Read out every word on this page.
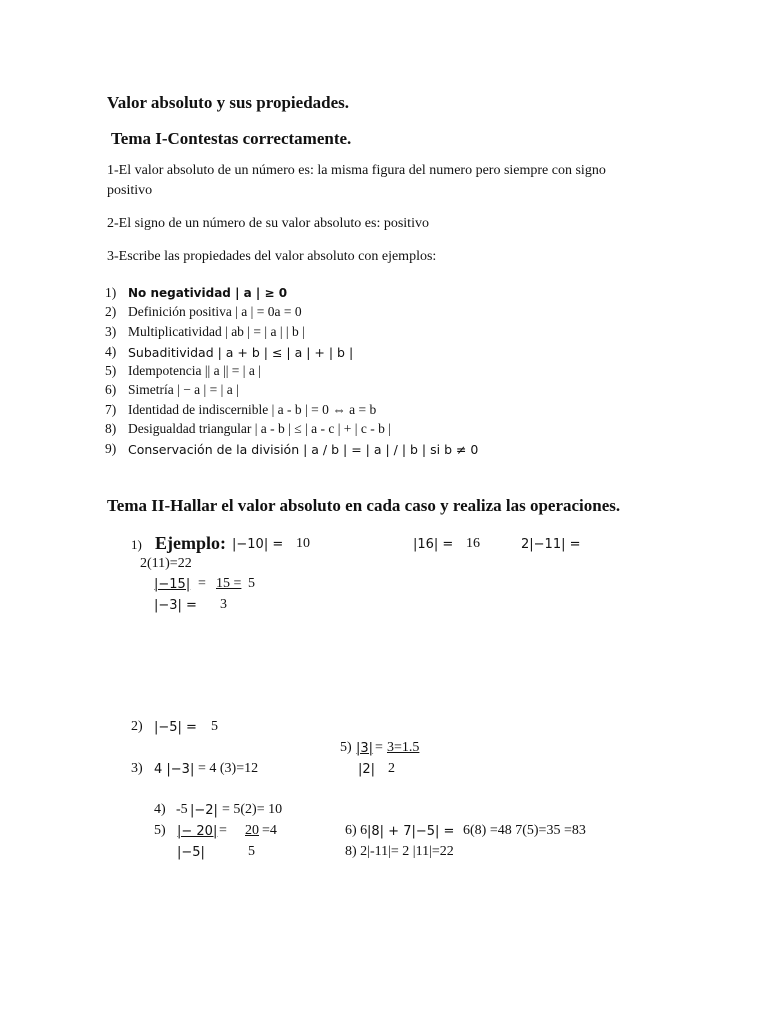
Valor absoluto y sus propiedades.
Tema I-Contestas correctamente.
1-El valor absoluto de un número es: la misma figura del numero pero siempre con signo
positivo
2-El signo de un número de su valor absoluto es: positivo
3-Escribe las propiedades del valor absoluto con ejemplos:
1) No negatividad | a | ≥ 0
2) Definición positiva | a | = 0a = 0
3) Multiplicatividad | ab | = | a | | b |
4) Subaditividad | a + b | ≤ | a | + | b |
5) Idempotencia || a || = | a |
6) Simetría | − a | = | a |
7) Identidad de indiscernible | a - b | = 0 ⇔ a = b
8) Desigualdad triangular | a - b | ≤ | a - c | + | c - b |
9) Conservación de la división | a / b | = | a | / | b | si b ≠ 0
Tema II-Hallar el valor absoluto en cada caso y realiza las operaciones.
1) Ejemplo: |−10| = 10	|16| = 16	2|−11| =
2(11)=22
|−15| = 15 = 5
|−3| = 3
2) |−5| = 5
5) |3| = 3=1.5
|2| 2
3) 4 |−3| = 4 (3)=12
4) -5 |−2| = 5(2)= 10
5) |− 20| = 20 =4
|−5|	5
6) 6 |8| + 7|−5| = 6(8) =48 7(5)=35 =83
8) 2|-11|= 2 |11|=22
